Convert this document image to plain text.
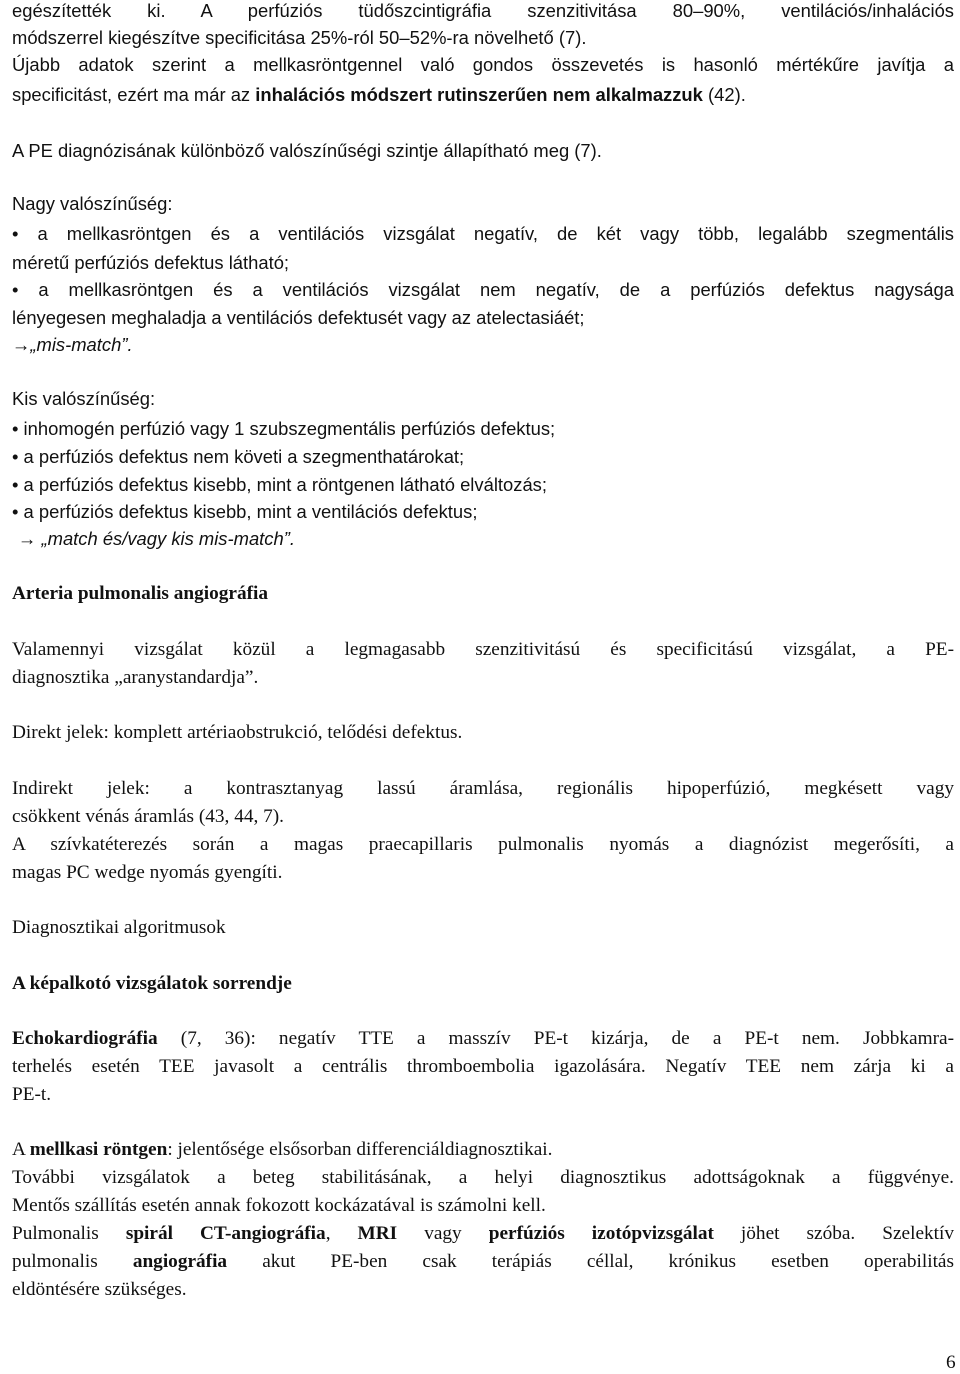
egészítették ki. A perfúziós tüdőszcintigráfia szenzitivitása 80–90%, ventilációs/inhalációs
módszerrel kiegészítve specificitása 25%-ról 50–52%-ra növelhető (7).
Újabb adatok szerint a mellkasröntgennel való gondos összevetés is hasonló mértékűre javítja a
specificitást, ezért ma már az inhalációs módszert rutinszerűen nem alkalmazzuk (42).
A PE diagnózisának különböző valószínűségi szintje állapítható meg (7).
Nagy valószínűség:
• a mellkasröntgen és a ventilációs vizsgálat negatív, de két vagy több, legalább szegmentális
méretű perfúziós defektus látható;
• a mellkasröntgen és a ventilációs vizsgálat nem negatív, de a perfúziós defektus nagysága
lényegesen meghaladja a ventilációs defektusét vagy az atelectasiáét;
→„mis-match”.
Kis valószínűség:
• inhomogén perfúzió vagy 1 szubszegmentális perfúziós defektus;
• a perfúziós defektus nem követi a szegmenthatárokat;
• a perfúziós defektus kisebb, mint a röntgenen látható elváltozás;
• a perfúziós defektus kisebb, mint a ventilációs defektus;
→ „match és/vagy kis mis-match”.
Arteria pulmonalis angiográfia
Valamennyi vizsgálat közül a legmagasabb szenzitivitású és specificitású vizsgálat, a PE-
diagnosztika „aranystandardja”.
Direkt jelek: komplett artériaobstrukció, telődési defektus.
Indirekt jelek: a kontrasztanyag lassú áramlása, regionális hipoperfúzió, megkésett vagy
csökkent vénás áramlás (43, 44, 7).
A szívkatéterezés során a magas praecapillaris pulmonalis nyomás a diagnózist megerősíti, a
magas PC wedge nyomás gyengíti.
Diagnosztikai algoritmusok
A képalkotó vizsgálatok sorrendje
Echokardiográfia (7, 36): negatív TTE a masszív PE-t kizárja, de a PE-t nem. Jobbkamra-
terhelés esetén TEE javasolt a centrális thromboembolia igazolására. Negatív TEE nem zárja ki a
PE-t.
A mellkasi röntgen: jelentősége elsősorban differenciáldiagnosztikai.
További vizsgálatok a beteg stabilitásának, a helyi diagnosztikus adottságoknak a függvénye.
Mentős szállítás esetén annak fokozott kockázatával is számolni kell.
Pulmonalis spirál CT-angiográfia, MRI vagy perfúziós izotópvizsgálat jöhet szóba. Szelektív
pulmonalis angiográfia akut PE-ben csak terápiás céllal, krónikus esetben operabilitás
eldöntésére szükséges.
6
